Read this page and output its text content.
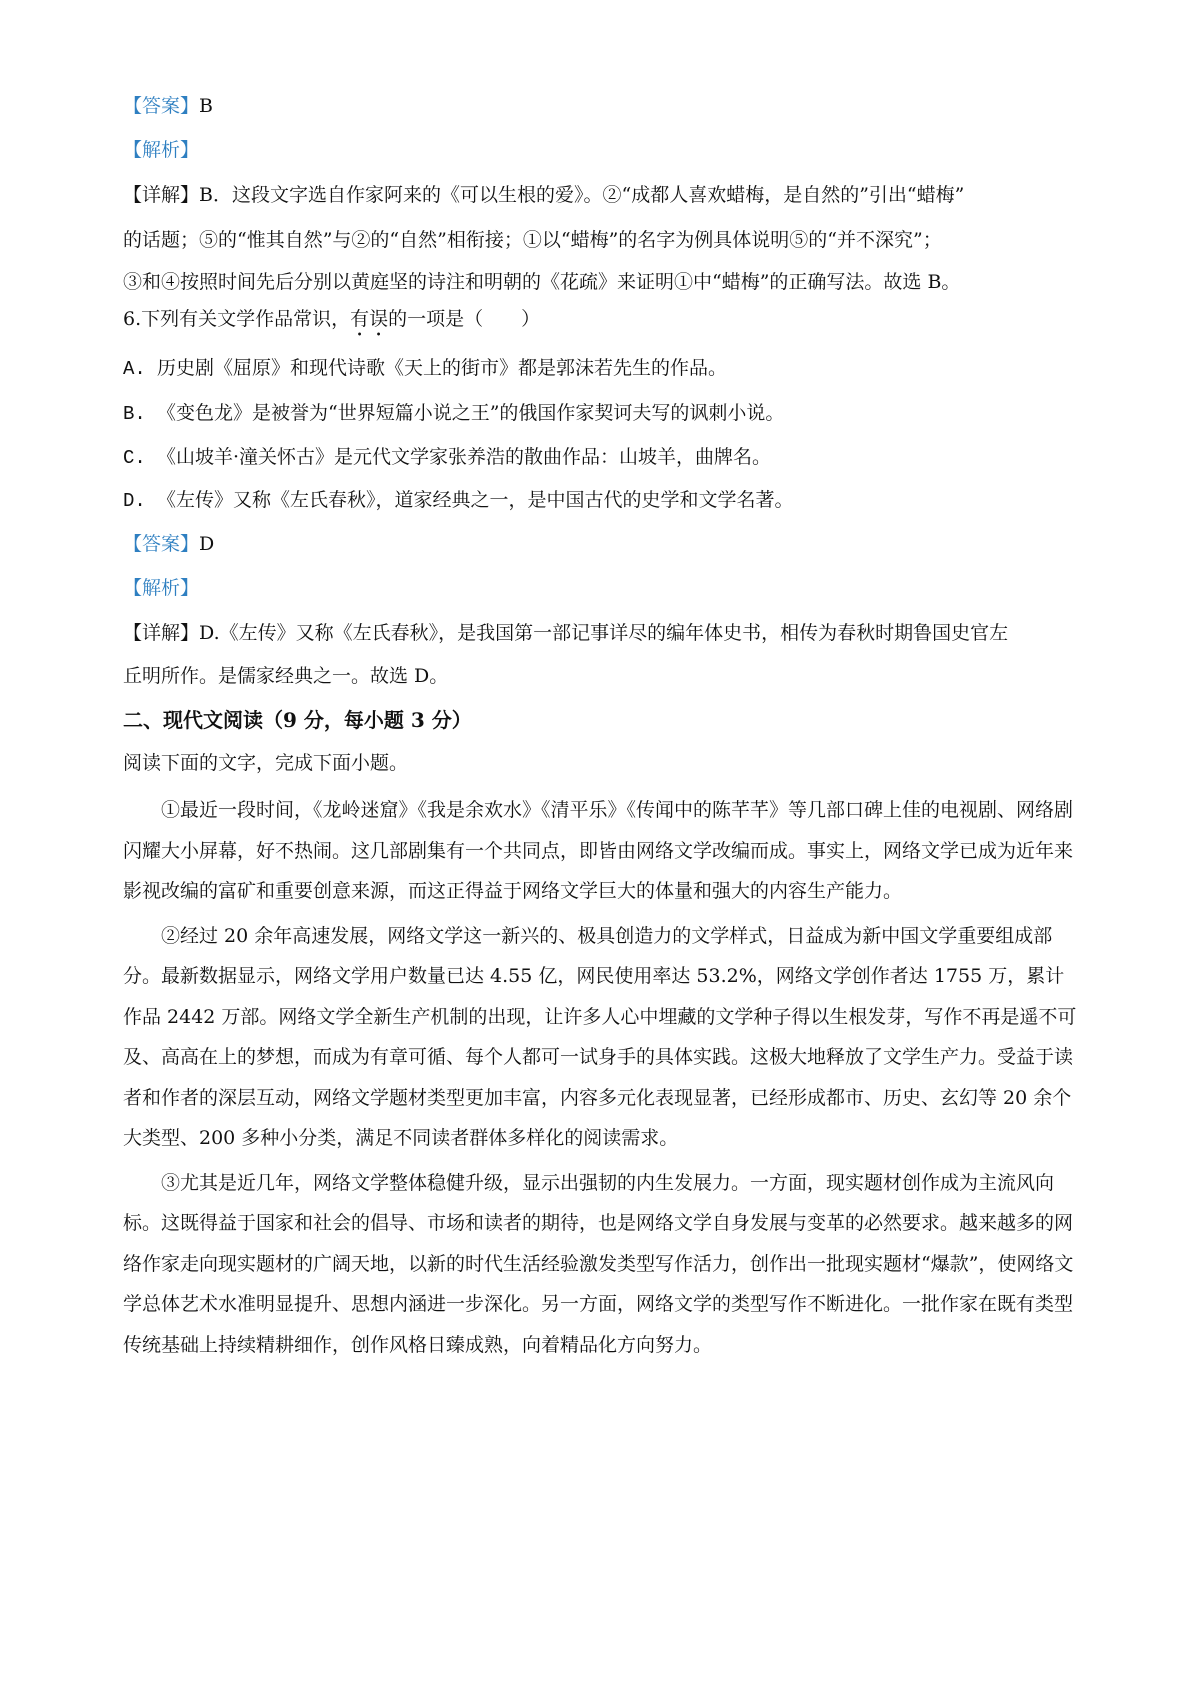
【答案】B
【解析】
【详解】B．这段文字选自作家阿来的《可以生根的爱》。②“成都人喜欢蜡梅，是自然的”引出“蜡梅”
的话题；⑤的“惟其自然”与②的“自然”相衔接；①以“蜡梅”的名字为例具体说明⑤的“并不深究”；
③和④按照时间先后分别以黄庭坚的诗注和明朝的《花疏》来证明①中“蜡梅”的正确写法。故选 B。
6.下列有关文学作品常识，有误的一项是（　　）
A. 历史剧《屈原》和现代诗歌《天上的街市》都是郭沫若先生的作品。
B. 《变色龙》是被誉为“世界短篇小说之王”的俄国作家契诃夫写的讽刺小说。
C. 《山坡羊·潼关怀古》是元代文学家张养浩的散曲作品：山坡羊，曲牌名。
D. 《左传》又称《左氏春秋》，道家经典之一，是中国古代的史学和文学名著。
【答案】D
【解析】
【详解】D.《左传》又称《左氏春秋》，是我国第一部记事详尽的编年体史书，相传为春秋时期鲁国史官左
丘明所作。是儒家经典之一。故选 D。
二、现代文阅读（9 分，每小题 3 分）
阅读下面的文字，完成下面小题。

①最近一段时间，《龙岭迷窟》《我是余欢水》《清平乐》《传闻中的陈芊芊》等几部口碑上佳的电视剧、网络剧闪耀大小屏幕，好不热闹。这几部剧集有一个共同点，即皆由网络文学改编而成。事实上，网络文学已成为近年来影视改编的富矿和重要创意来源，而这正得益于网络文学巨大的体量和强大的内容生产能力。

②经过 20 余年高速发展，网络文学这一新兴的、极具创造力的文学样式，日益成为新中国文学重要组成部分。最新数据显示，网络文学用户数量已达 4.55 亿，网民使用率达 53.2%，网络文学创作者达 1755 万，累计作品 2442 万部。网络文学全新生产机制的出现，让许多人心中埋藏的文学种子得以生根发芽，写作不再是遥不可及、高高在上的梦想，而成为有章可循、每个人都可一试身手的具体实践。这极大地释放了文学生产力。受益于读者和作者的深层互动，网络文学题材类型更加丰富，内容多元化表现显著，已经形成都市、历史、玄幻等 20 余个大类型、200 多种小分类，满足不同读者群体多样化的阅读需求。

③尤其是近几年，网络文学整体稳健升级，显示出强韧的内生发展力。一方面，现实题材创作成为主流风向标。这既得益于国家和社会的倡导、市场和读者的期待，也是网络文学自身发展与变革的必然要求。越来越多的网络作家走向现实题材的广阔天地，以新的时代生活经验激发类型写作活力，创作出一批现实题材“爆款”，使网络文学总体艺术水准明显提升、思想内涵进一步深化。另一方面，网络文学的类型写作不断进化。一批作家在既有类型传统基础上持续精耕细作，创作风格日臻成熟，向着精品化方向努力。
